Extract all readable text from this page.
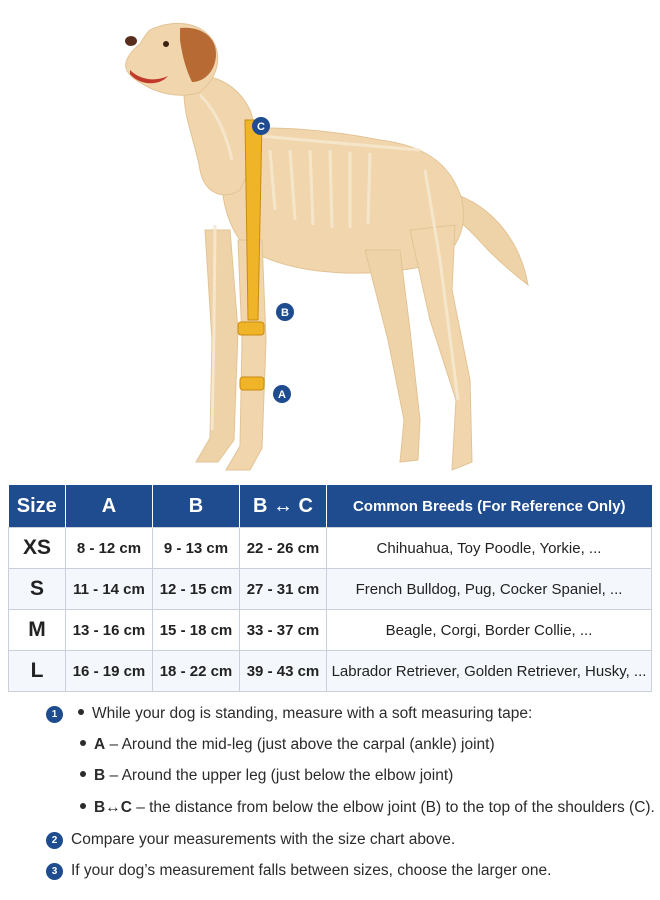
C
B
A
Size	A	B	B ↔ C	Common Breeds (For Reference Only)
XS	8 - 12 cm	9 - 13 cm	22 - 26 cm	Chihuahua, Toy Poodle, Yorkie, ...
S	11 - 14 cm	12 - 15 cm	27 - 31 cm	French Bulldog, Pug, Cocker Spaniel, ...
M	13 - 16 cm	15 - 18 cm	33 - 37 cm	Beagle, Corgi, Border Collie, ...
L	16 - 19 cm	18 - 22 cm	39 - 43 cm	Labrador Retriever, Golden Retriever, Husky, ...
1	While your dog is standing, measure with a soft measuring tape:
A – Around the mid-leg (just above the carpal (ankle) joint)
B – Around the upper leg (just below the elbow joint)
B↔C – the distance from below the elbow joint (B) to the top of the shoulders (C).
2 Compare your measurements with the size chart above.
3 If your dog’s measurement falls between sizes, choose the larger one.
